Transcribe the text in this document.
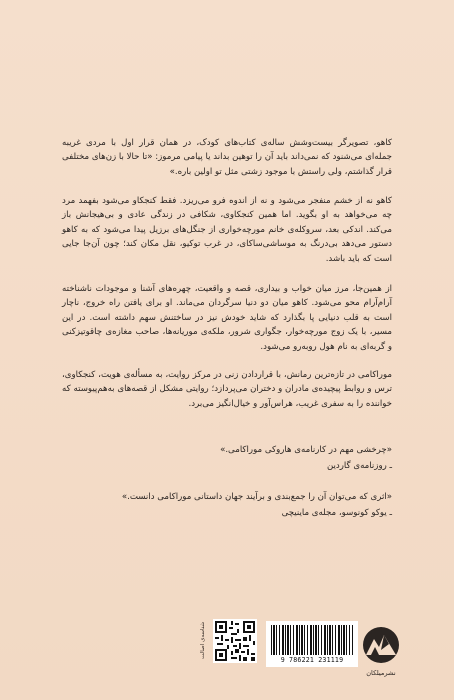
کاهو، تصویرگر بیست‌وشش ساله‌ی کتاب‌های کودک، در همان قرار اول با مردی غریبه جمله‌ای می‌شنود که نمی‌داند باید آن را توهین بداند یا پیامی مرموز: «تا حالا با زن‌های مختلفی قرار گذاشتم، ولی راستش با موجود زشتی مثل تو اولین باره.»
کاهو نه از خشم منفجر می‌شود و نه از اندوه فرو می‌ریزد. فقط کنجکاو می‌شود بفهمد مرد چه می‌خواهد به او بگوید. اما همین کنجکاوی، شکافی در زندگی عادی و بی‌هیجانش باز می‌کند. اندکی بعد، سروکله‌ی خانم مورچه‌خواری از جنگل‌های برزیل پیدا می‌شود که به کاهو دستور می‌دهد بی‌درنگ به موساشی‌ساکای، در غرب توکیو، نقل مکان کند؛ چون آن‌جا جایی است که باید باشد.
از همین‌جا، مرز میان خواب و بیداری، قصه و واقعیت، چهره‌های آشنا و موجودات ناشناخته آرام‌آرام محو می‌شود. کاهو میان دو دنیا سرگردان می‌ماند. او برای یافتن راه خروج، ناچار است به قلب دنیایی پا بگذارد که شاید خودش نیز در ساختنش سهم داشته است. در این مسیر، با یک زوج مورچه‌خوار، جگواری شرور، ملکه‌ی موریانه‌ها، صاحب مغازه‌ی چاقوتیزکنی و گربه‌ای به نام هول روبه‌رو می‌شود.
موراکامی در تازه‌ترین رمانش، با قراردادن زنی در مرکز روایت، به مسأله‌ی هویت، کنجکاوی، ترس و روابط پیچیده‌ی مادران و دختران می‌پردازد؛ روایتی مشکل از قصه‌های به‌هم‌پیوسته که خواننده را به سفری غریب، هراس‌آور و خیال‌انگیز می‌برد.
«چرخشی مهم در کارنامه‌ی هاروکی موراکامی.»
ـ روزنامه‌ی گاردین
«اثری که می‌توان آن را جمع‌بندی و برآیند جهان داستانی موراکامی دانست.»
ـ یوکو کونوسو، مجله‌ی ماینیچی
شناسه‌ی اصالت
9 786221 231119
نشرمیلکان
